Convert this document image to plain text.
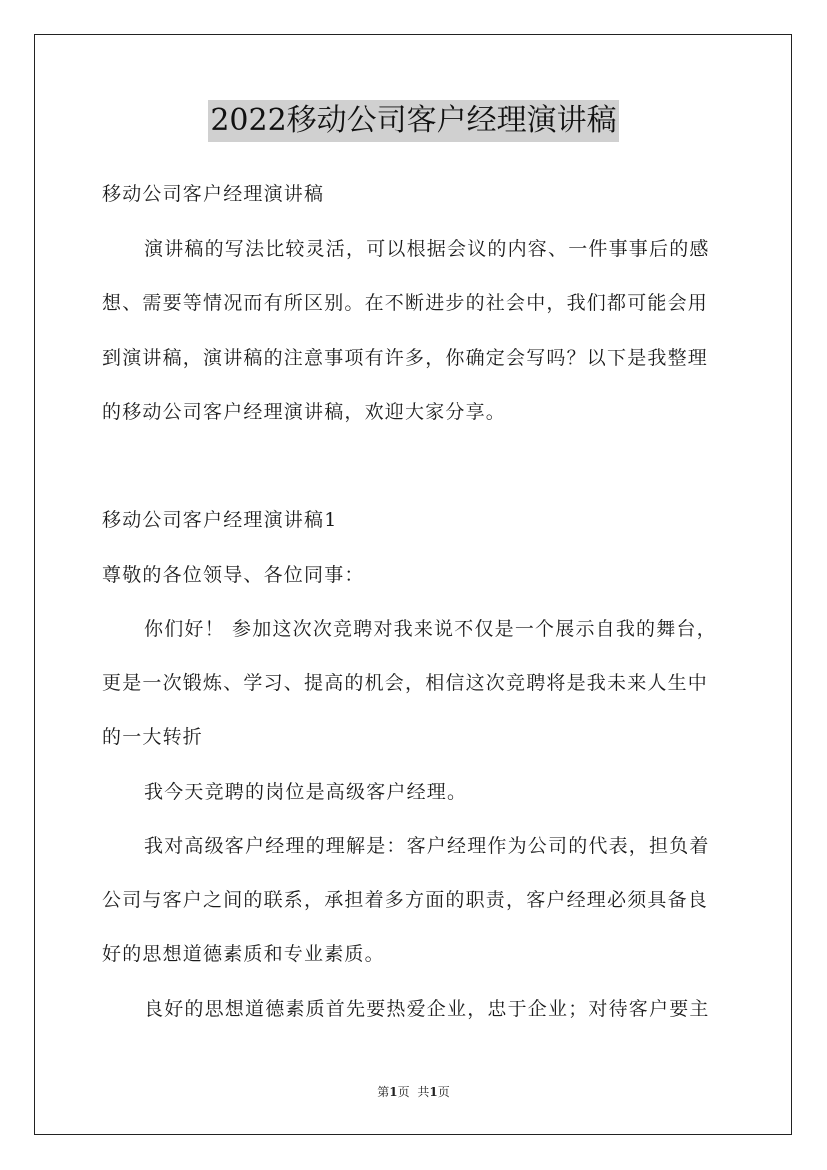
2022移动公司客户经理演讲稿
移动公司客户经理演讲稿
演讲稿的写法比较灵活，可以根据会议的内容、一件事事后的感
想、需要等情况而有所区别。在不断进步的社会中，我们都可能会用
到演讲稿，演讲稿的注意事项有许多，你确定会写吗？以下是我整理
的移动公司客户经理演讲稿，欢迎大家分享。
移动公司客户经理演讲稿1
尊敬的各位领导、各位同事：
你们好！ 参加这次次竞聘对我来说不仅是一个展示自我的舞台，
更是一次锻炼、学习、提高的机会，相信这次竞聘将是我未来人生中
的一大转折
我今天竞聘的岗位是高级客户经理。
我对高级客户经理的理解是：客户经理作为公司的代表，担负着
公司与客户之间的联系，承担着多方面的职责，客户经理必须具备良
好的思想道德素质和专业素质。
良好的思想道德素质首先要热爱企业，忠于企业；对待客户要主
第1页 共1页
